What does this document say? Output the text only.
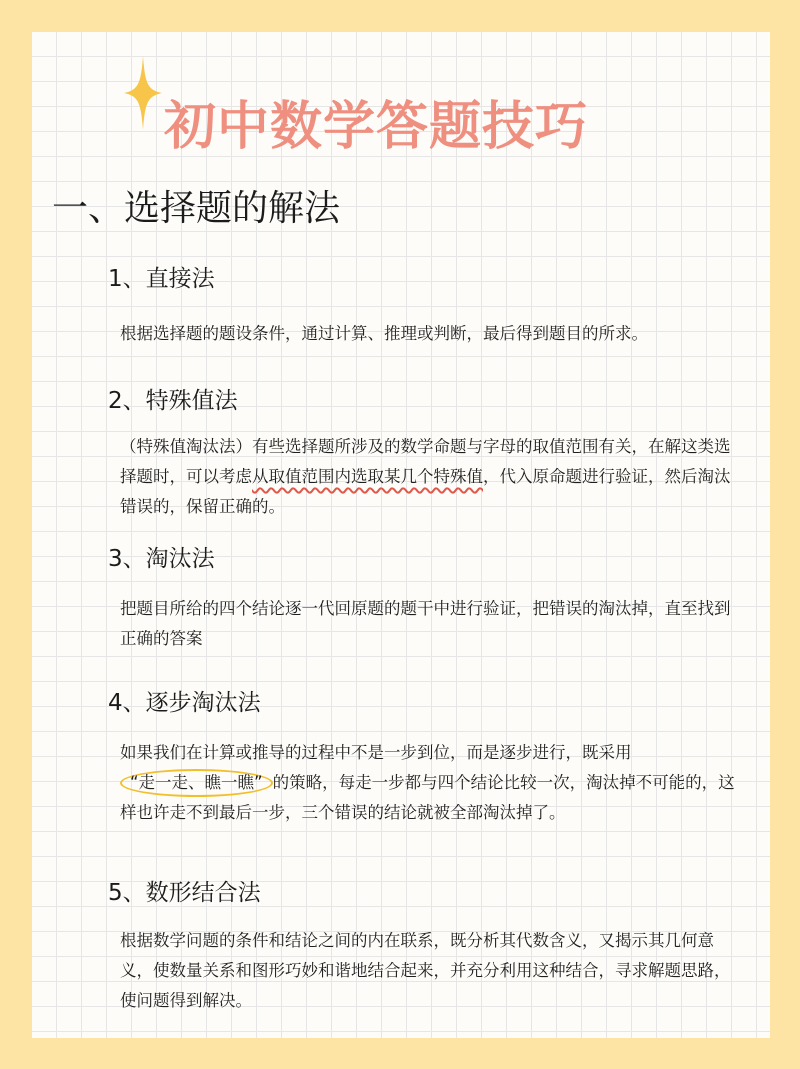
初中数学答题技巧
一、选择题的解法
1、直接法

根据选择题的题设条件，通过计算、推理或判断，最后得到题目的所求。

2、特殊值法

（特殊值淘汰法）有些选择题所涉及的数学命题与字母的取值范围有关，在解这类选择题时，可以考虑从取值范围内选取某几个特殊值，代入原命题进行验证，然后淘汰错误的，保留正确的。

3、淘汰法

把题目所给的四个结论逐一代回原题的题干中进行验证，把错误的淘汰掉，直至找到正确的答案

4、逐步淘汰法

如果我们在计算或推导的过程中不是一步到位，而是逐步进行，既采用“走一走、瞧一瞧” 的策略，每走一步都与四个结论比较一次，淘汰掉不可能的，这样也许走不到最后一步，三个错误的结论就被全部淘汰掉了。

5、数形结合法

根据数学问题的条件和结论之间的内在联系，既分析其代数含义，又揭示其几何意义，使数量关系和图形巧妙和谐地结合起来，并充分利用这种结合，寻求解题思路，使问题得到解决。
